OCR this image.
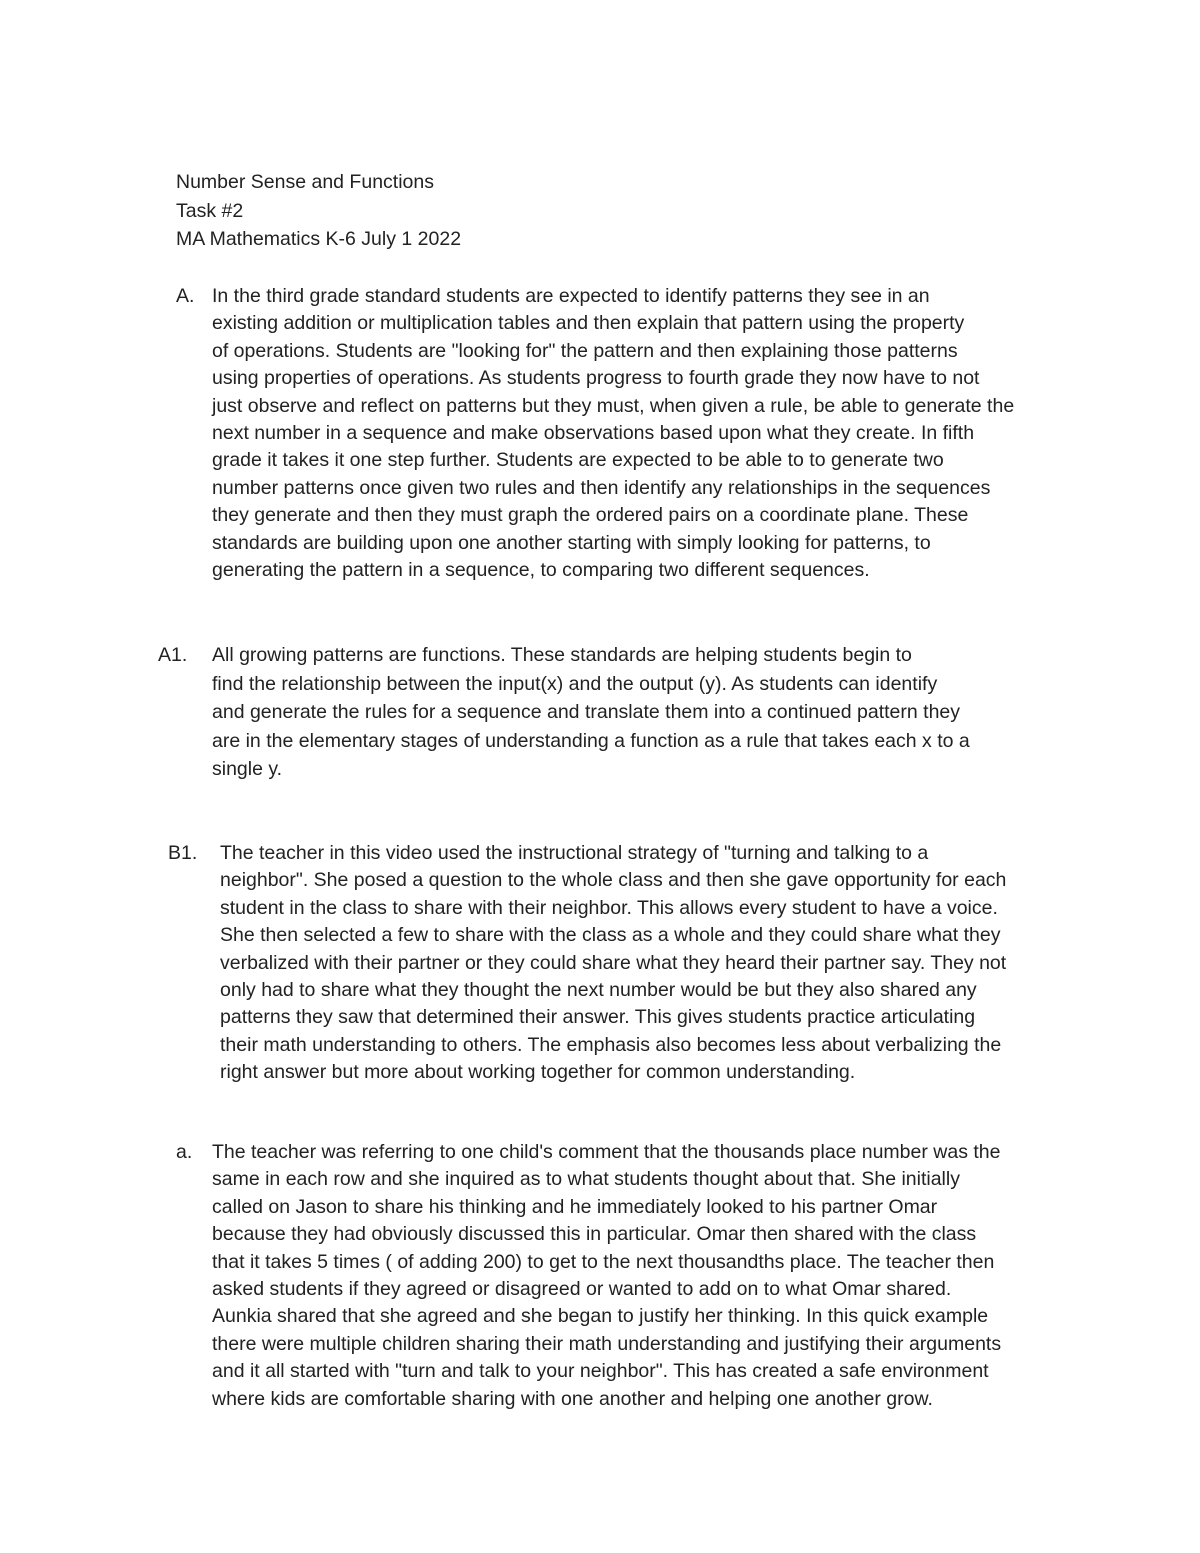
Number Sense and Functions
Task #2
MA Mathematics K-6 July 1 2022
A. In the third grade standard students are expected to identify patterns they see in an
existing addition or multiplication tables and then explain that pattern using the property
of operations. Students are "looking for" the pattern and then explaining those patterns
using properties of operations. As students progress to fourth grade they now have to not
just observe and reflect on patterns but they must, when given a rule, be able to generate the
next number in a sequence and make observations based upon what they create. In fifth
grade it takes it one step further. Students are expected to be able to to generate two
number patterns once given two rules and then identify any relationships in the sequences
they generate and then they must graph the ordered pairs on a coordinate plane. These
standards are building upon one another starting with simply looking for patterns, to
generating the pattern in a sequence, to comparing two different sequences.
A1. All growing patterns are functions. These standards are helping students begin to
find the relationship between the input(x) and the output (y). As students can identify
and generate the rules for a sequence and translate them into a continued pattern they
are in the elementary stages of understanding a function as a rule that takes each x to a
single y.
B1. The teacher in this video used the instructional strategy of "turning and talking to a
neighbor". She posed a question to the whole class and then she gave opportunity for each
student in the class to share with their neighbor. This allows every student to have a voice.
She then selected a few to share with the class as a whole and they could share what they
verbalized with their partner or they could share what they heard their partner say. They not
only had to share what they thought the next number would be but they also shared any
patterns they saw that determined their answer. This gives students practice articulating
their math understanding to others. The emphasis also becomes less about verbalizing the
right answer but more about working together for common understanding.
a. The teacher was referring to one child's comment that the thousands place number was the
same in each row and she inquired as to what students thought about that. She initially
called on Jason to share his thinking and he immediately looked to his partner Omar
because they had obviously discussed this in particular. Omar then shared with the class
that it takes 5 times ( of adding 200) to get to the next thousandths place. The teacher then
asked students if they agreed or disagreed or wanted to add on to what Omar shared.
Aunkia shared that she agreed and she began to justify her thinking. In this quick example
there were multiple children sharing their math understanding and justifying their arguments
and it all started with "turn and talk to your neighbor". This has created a safe environment
where kids are comfortable sharing with one another and helping one another grow.
